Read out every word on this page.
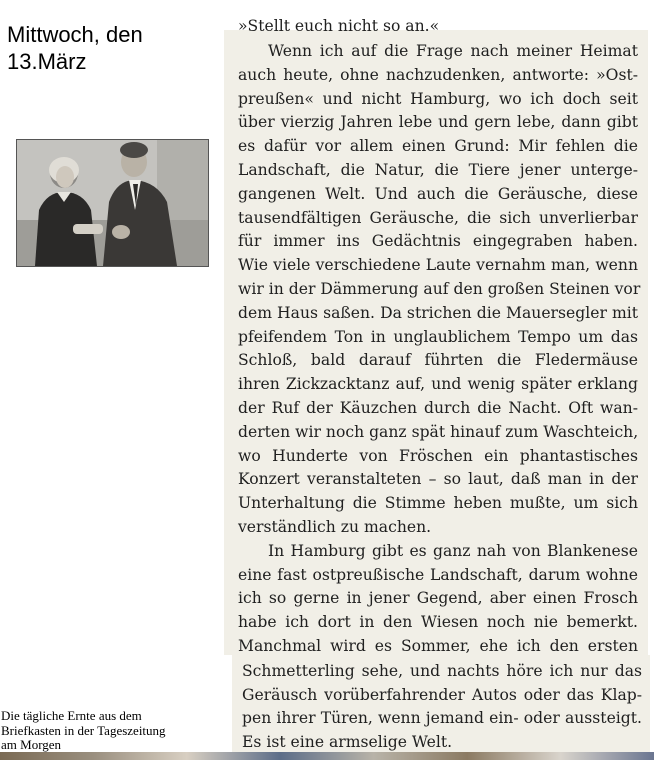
Mittwoch, den
13.März
Die tägliche Ernte aus dem
Briefkasten in der Tageszeitung
am Morgen
»Stellt euch nicht so an.«
Wenn ich auf die Frage nach meiner Heimat
auch heute, ohne nachzudenken, antworte: »Ost-
preußen« und nicht Hamburg, wo ich doch seit
über vierzig Jahren lebe und gern lebe, dann gibt
es dafür vor allem einen Grund: Mir fehlen die
Landschaft, die Natur, die Tiere jener unterge-
gangenen Welt. Und auch die Geräusche, diese
tausendfältigen Geräusche, die sich unverlierbar
für immer ins Gedächtnis eingegraben haben.
Wie viele verschiedene Laute vernahm man, wenn
wir in der Dämmerung auf den großen Steinen vor
dem Haus saßen. Da strichen die Mauersegler mit
pfeifendem Ton in unglaublichem Tempo um das
Schloß, bald darauf führten die Fledermäuse
ihren Zickzacktanz auf, und wenig später erklang
der Ruf der Käuzchen durch die Nacht. Oft wan-
derten wir noch ganz spät hinauf zum Waschteich,
wo Hunderte von Fröschen ein phantastisches
Konzert veranstalteten – so laut, daß man in der
Unterhaltung die Stimme heben mußte, um sich
verständlich zu machen.
In Hamburg gibt es ganz nah von Blankenese
eine fast ostpreußische Landschaft, darum wohne
ich so gerne in jener Gegend, aber einen Frosch
habe ich dort in den Wiesen noch nie bemerkt.
Manchmal wird es Sommer, ehe ich den ersten
Schmetterling sehe, und nachts höre ich nur das
Geräusch vorüberfahrender Autos oder das Klap-
pen ihrer Türen, wenn jemand ein- oder aussteigt.
Es ist eine armselige Welt.
